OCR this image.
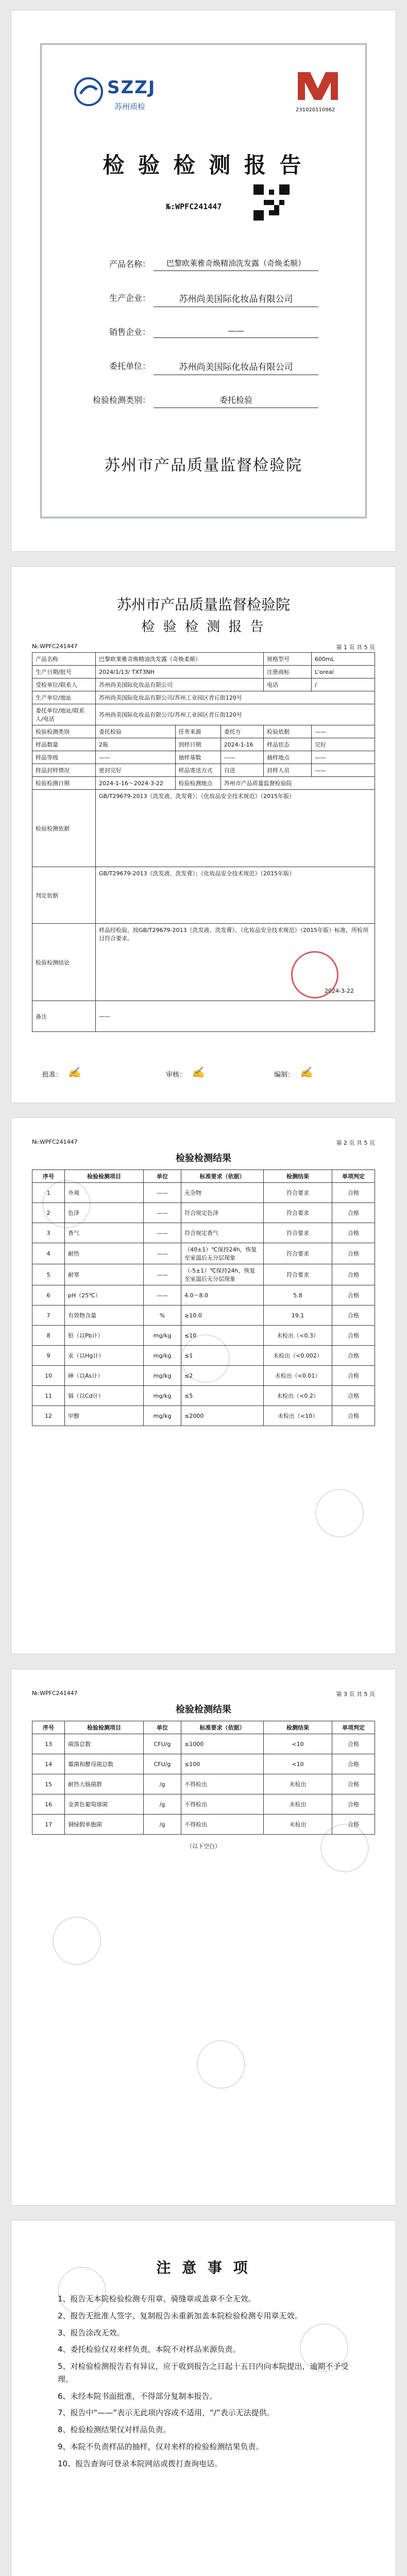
SZZJ
苏州质检	231020110962
检 验 检 测 报 告
№:WPFC241447
产品名称：	巴黎欧莱雅奇焕精油洗发露（奇焕柔顺）
生产企业：	苏州尚美国际化妆品有限公司
销售企业：	——
委托单位：	苏州尚美国际化妆品有限公司
检验检测类别：	委托检验
苏州市产品质量监督检验院
苏州市产品质量监督检验院
检 验 检 测 报 告
№:WPFC241447	第 1 页 共 5 页
产品名称	巴黎欧莱雅奇焕精油洗发露（奇焕柔顺）			规格型号	600mL
生产日期/批号	2024/1/13/ TXT3NH			注册商标	L'oreal
受检单位/联系人	苏州尚美国际化妆品有限公司			电话	/
生产单位/地址	苏州尚美国际化妆品有限公司/苏州工业园区青丘街120号				
委托单位/地址/联系人/电话	苏州尚美国际化妆品有限公司/苏州工业园区青丘街120号				
检验检测类别	委托检验	任务来源	委托方	检验依据	——
样品数量	2瓶	到样日期	2024-1-16	样品状态	完好
样品等级	——	抽样基数	——	抽样地点	——
样品封样情况	密封完好	样品寄送方式	自送	封样人员	——
检验检测日期	2024-1-16～2024-3-22	检验检测地点	苏州市产品质量监督检验院		
检验检测依据	GB/T29679-2013《洗发液、洗发膏》；《化妆品安全技术规范》（2015年版）				
判定依据	GB/T29679-2013《洗发液、洗发膏》；《化妆品安全技术规范》（2015年版）				
检验检测结论	样品经检验，按GB/T29679-2013《洗发液、洗发膏》、《化妆品安全技术规范》（2015年版）标准，所检项目符合要求。
2024-3-22				

备注	——				
批准： ✍	审核： ✍	编制： ✍
№:WPFC241447	第 2 页 共 5 页
检验检测结果
序号	检验检测项目	单位	标准要求（依据）	检测结果	单项判定
1	外观	——	无杂物	符合要求	合格
2	色泽	——	符合规定色泽	符合要求	合格
3	香气	——	符合规定香气	符合要求	合格
4	耐热	——	（40±1）℃保持24h，恢复至室温后无分层现象	符合要求	合格
5	耐寒	——	（-5±1）℃保持24h，恢复至室温后无分层现象	符合要求	合格
6	pH（25℃）	——	4.0～8.0	5.8	合格
7	有效物含量	%	≥10.0	19.1	合格
8	铅（以Pb计）	mg/kg	≤10	未检出（<0.3）	合格
9	汞（以Hg计）	mg/kg	≤1	未检出（<0.002）	合格
10	砷（以As计）	mg/kg	≤2	未检出（<0.01）	合格
11	镉（以Cd计）	mg/kg	≤5	未检出（<0.2）	合格
12	甲醇	mg/kg	≤2000	未检出（<10）	合格
№:WPFC241447	第 3 页 共 5 页
检验检测结果
序号	检验检测项目	单位	标准要求（依据）	检测结果	单项判定
13	菌落总数	CFU/g	≤1000	<10	合格
14	霉菌和酵母菌总数	CFU/g	≤100	<10	合格
15	耐热大肠菌群	/g	不得检出	未检出	合格
16	金黄色葡萄球菌	/g	不得检出	未检出	合格
17	铜绿假单胞菌	/g	不得检出	未检出	合格
（以下空白）
注 意 事 项

1、报告无本院检验检测专用章、骑缝章或盖章不全无效。

2、报告无批准人签字、复制报告未重新加盖本院检验检测专用章无效。

3、报告涂改无效。

4、委托检验仅对来样负责，本院不对样品来源负责。

5、对检验检测报告若有异议，应于收到报告之日起十五日内向本院提出，逾期不予受理。

6、未经本院书面批准，不得部分复制本报告。

7、报告中“——”表示无此项内容或不适用，“/”表示无法提供。

8、检验检测结果仅对样品负责。

9、本院不负责样品的抽样，仅对来样的检验检测结果负责。

10、报告查询可登录本院网站或拨打查询电话。
